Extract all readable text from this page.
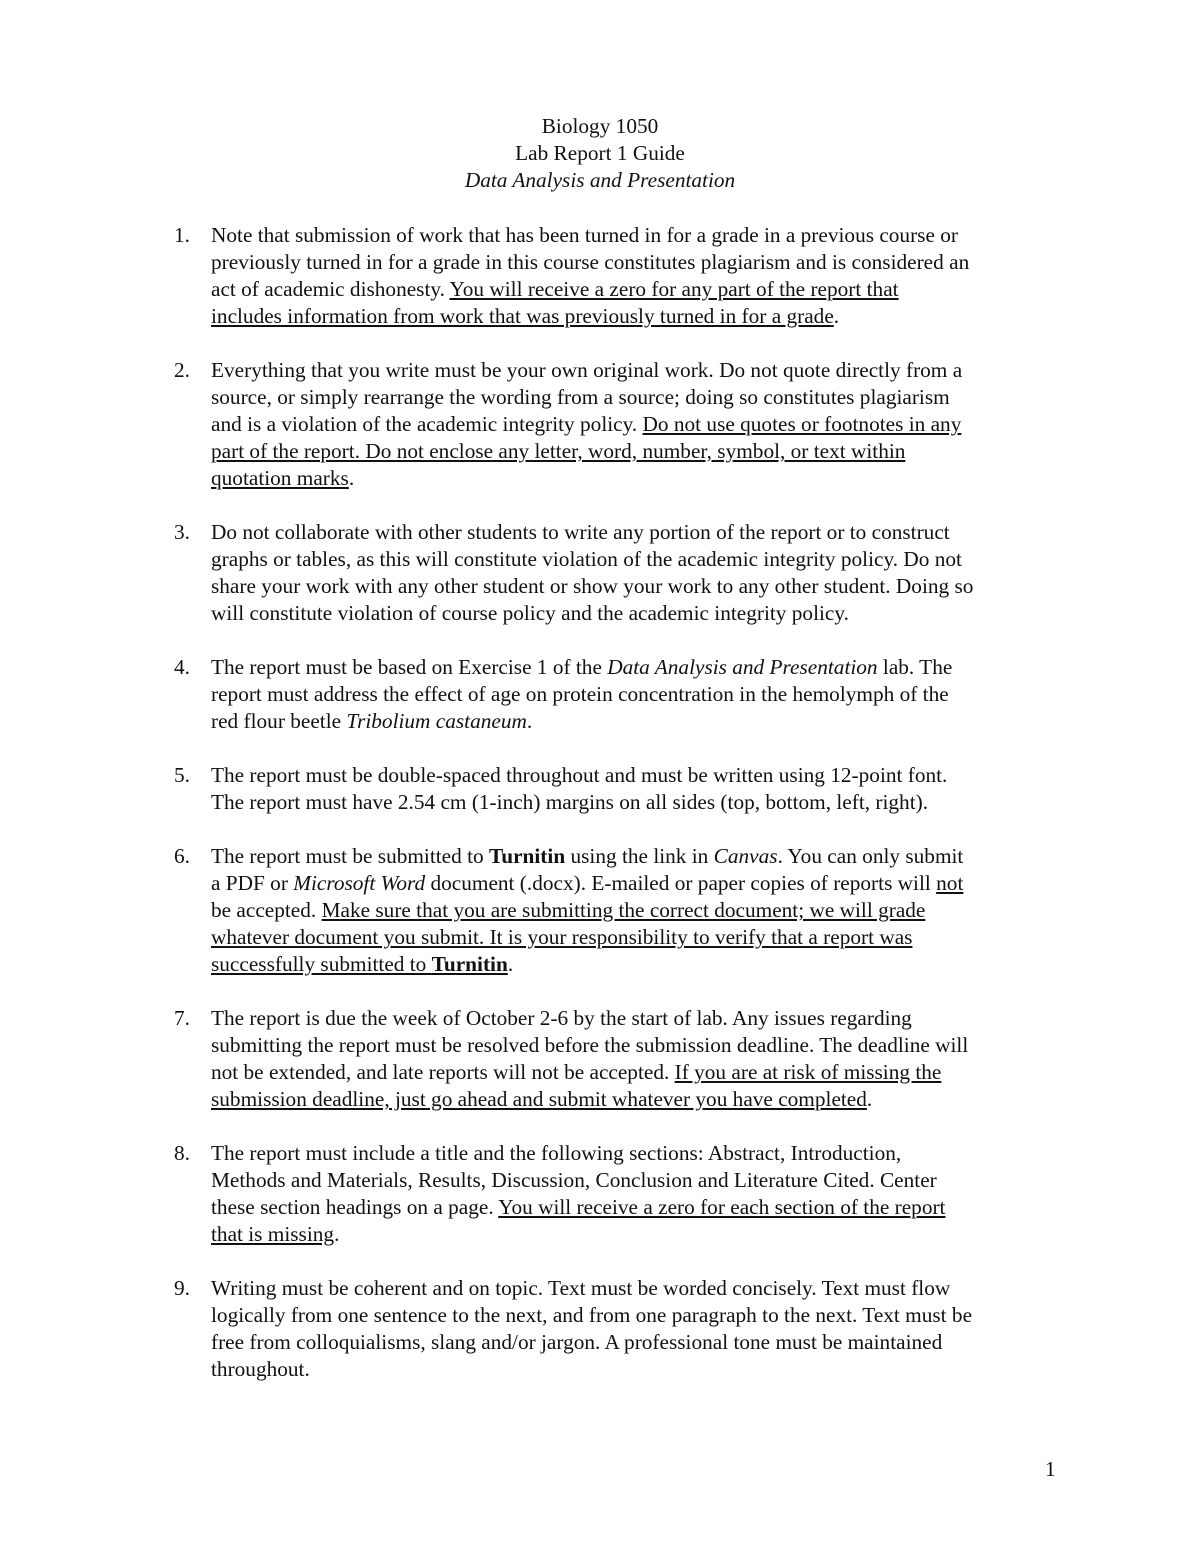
Biology 1050
Lab Report 1 Guide
Data Analysis and Presentation
1. Note that submission of work that has been turned in for a grade in a previous course or
previously turned in for a grade in this course constitutes plagiarism and is considered an
act of academic dishonesty. You will receive a zero for any part of the report that
includes information from work that was previously turned in for a grade.
2. Everything that you write must be your own original work. Do not quote directly from a
source, or simply rearrange the wording from a source; doing so constitutes plagiarism
and is a violation of the academic integrity policy. Do not use quotes or footnotes in any
part of the report. Do not enclose any letter, word, number, symbol, or text within
quotation marks.
3. Do not collaborate with other students to write any portion of the report or to construct
graphs or tables, as this will constitute violation of the academic integrity policy. Do not
share your work with any other student or show your work to any other student. Doing so
will constitute violation of course policy and the academic integrity policy.
4. The report must be based on Exercise 1 of the Data Analysis and Presentation lab. The
report must address the effect of age on protein concentration in the hemolymph of the
red flour beetle Tribolium castaneum.
5. The report must be double-spaced throughout and must be written using 12-point font.
The report must have 2.54 cm (1-inch) margins on all sides (top, bottom, left, right).
6. The report must be submitted to Turnitin using the link in Canvas. You can only submit
a PDF or Microsoft Word document (.docx). E-mailed or paper copies of reports will not
be accepted. Make sure that you are submitting the correct document; we will grade
whatever document you submit. It is your responsibility to verify that a report was
successfully submitted to Turnitin.
7. The report is due the week of October 2-6 by the start of lab. Any issues regarding
submitting the report must be resolved before the submission deadline. The deadline will
not be extended, and late reports will not be accepted. If you are at risk of missing the
submission deadline, just go ahead and submit whatever you have completed.
8. The report must include a title and the following sections: Abstract, Introduction,
Methods and Materials, Results, Discussion, Conclusion and Literature Cited. Center
these section headings on a page. You will receive a zero for each section of the report
that is missing.
9. Writing must be coherent and on topic. Text must be worded concisely. Text must flow
logically from one sentence to the next, and from one paragraph to the next. Text must be
free from colloquialisms, slang and/or jargon. A professional tone must be maintained
throughout.
1
